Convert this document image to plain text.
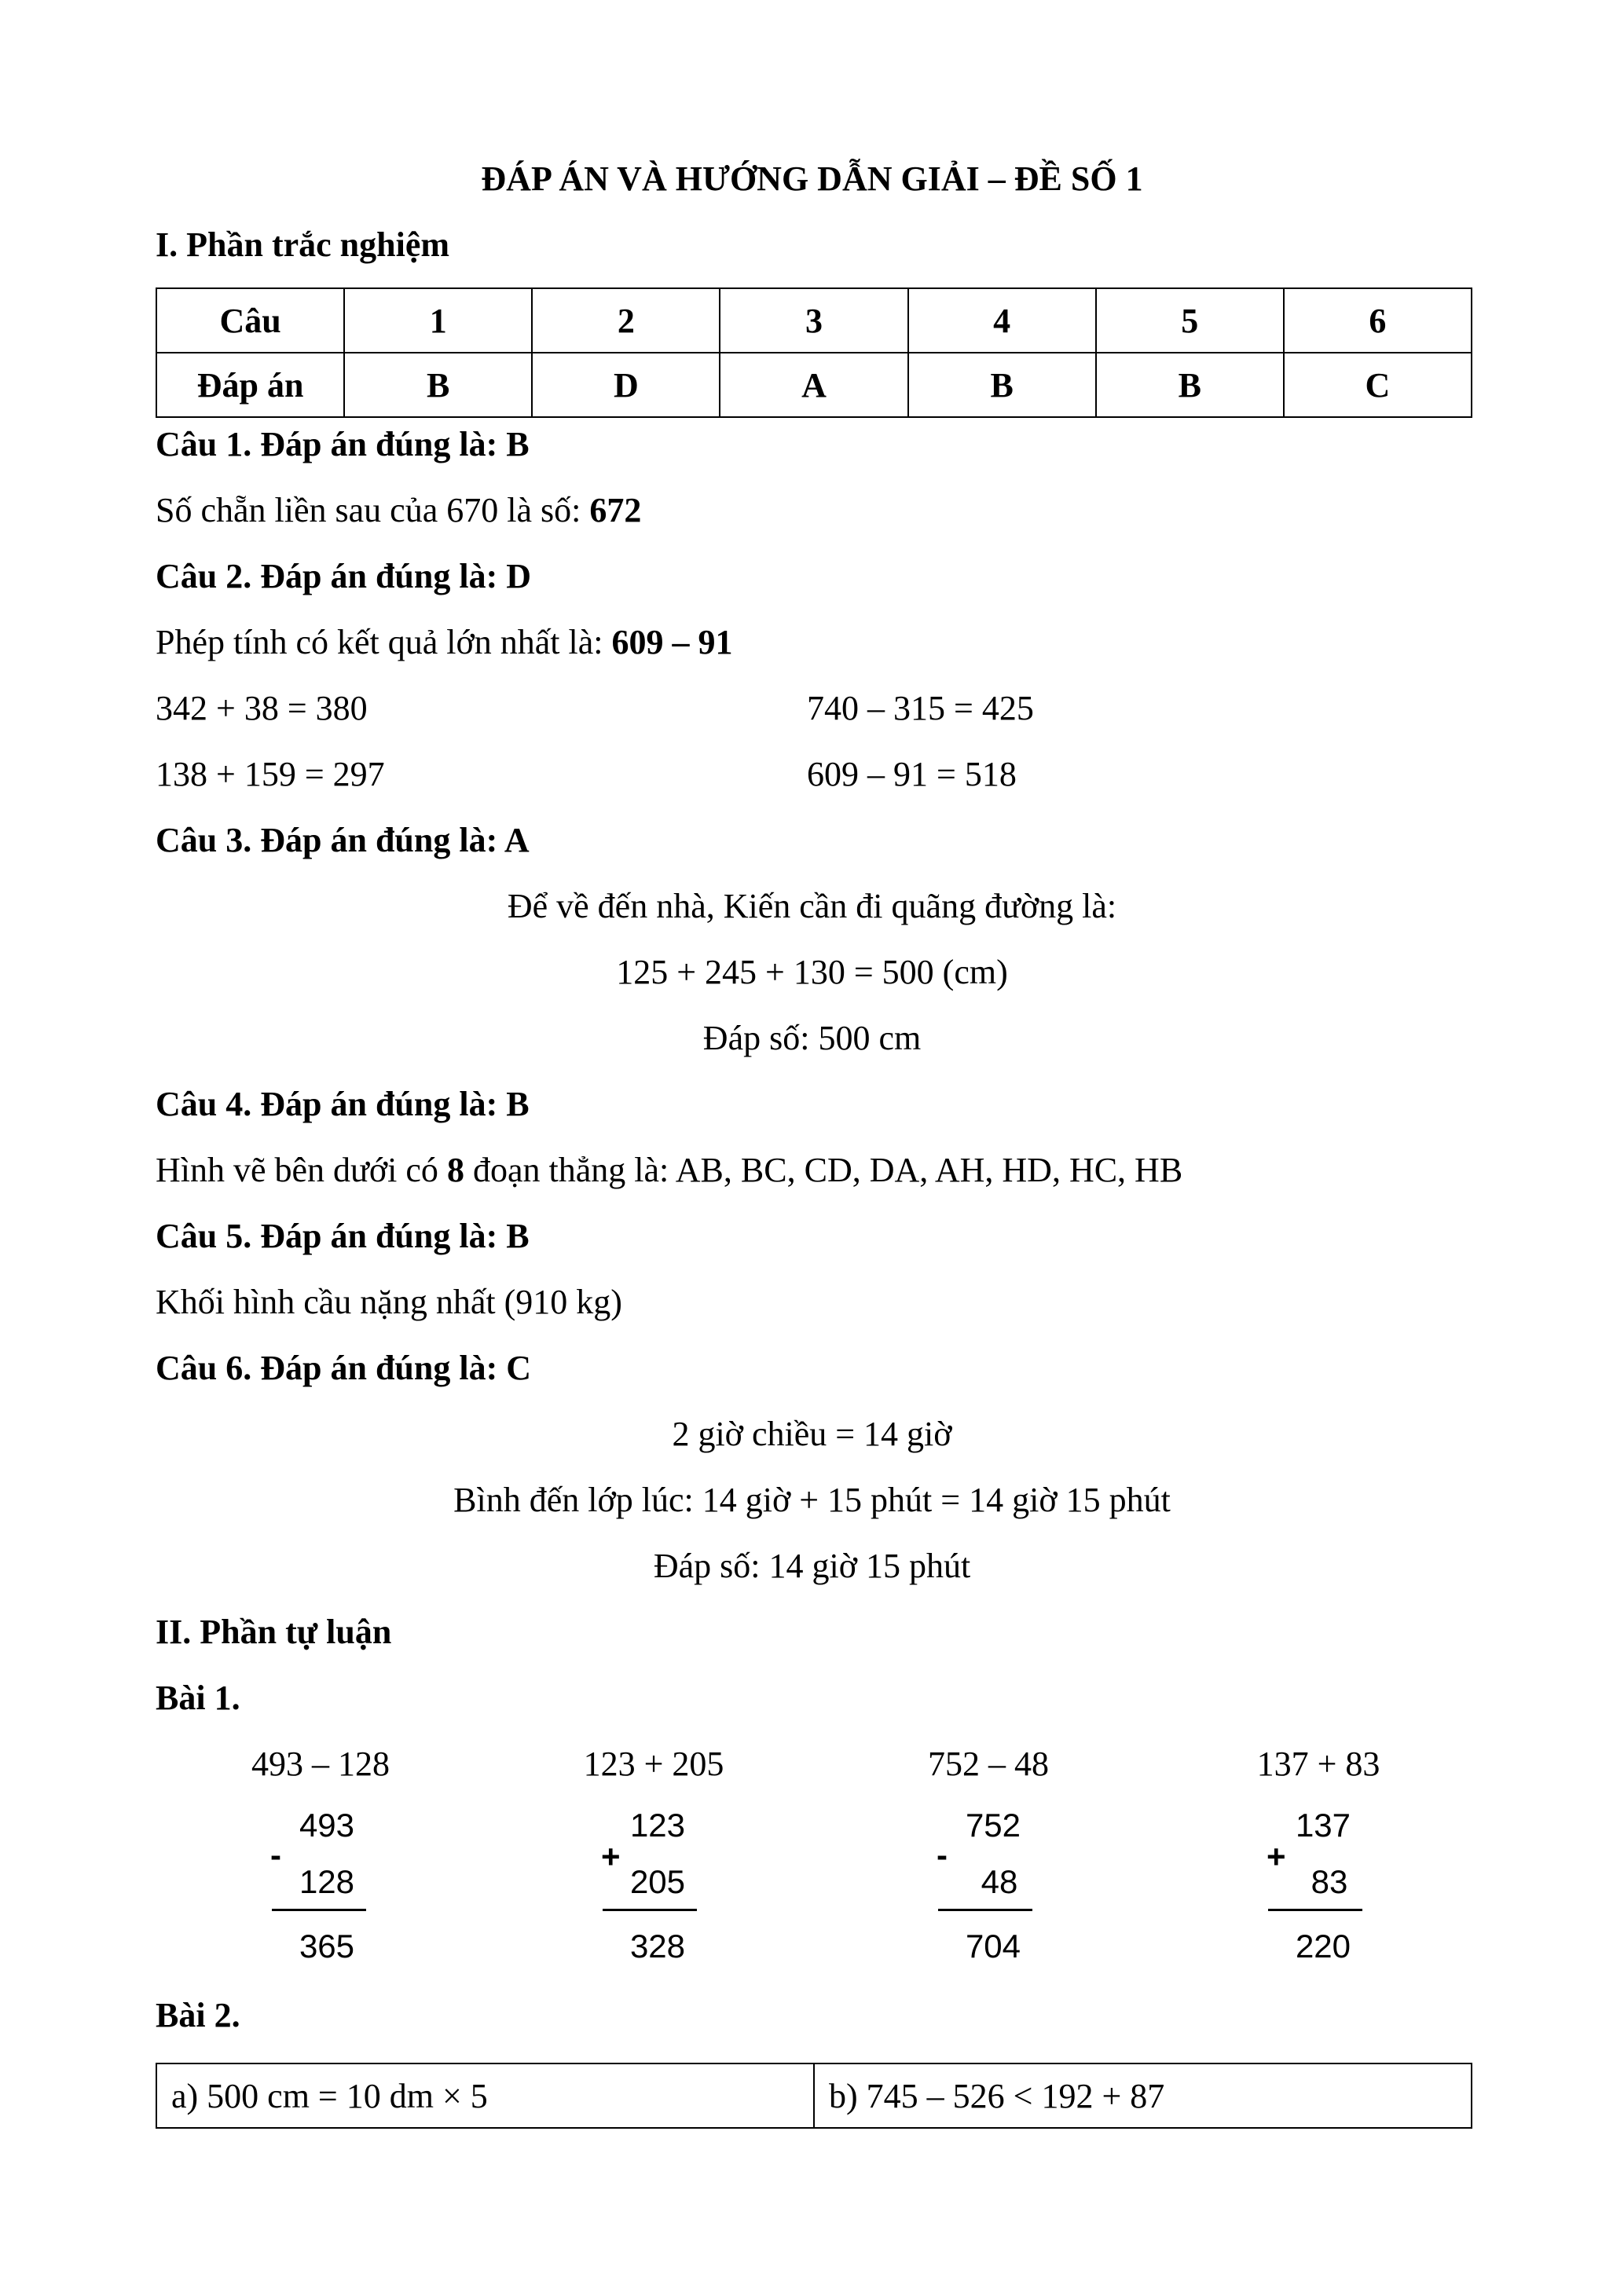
ĐÁP ÁN VÀ HƯỚNG DẪN GIẢI – ĐỀ SỐ 1
I. Phần trắc nghiệm
Câu	1	2	3	4	5	6
Đáp án	B	D	A	B	B	C
Câu 1. Đáp án đúng là: B
Số chẵn liền sau của 670 là số: 672
Câu 2. Đáp án đúng là: D
Phép tính có kết quả lớn nhất là: 609 – 91
342 + 38 = 380	740 – 315 = 425
138 + 159 = 297	609 – 91 = 518
Câu 3. Đáp án đúng là: A
Để về đến nhà, Kiến cần đi quãng đường là:
125 + 245 + 130 = 500 (cm)
Đáp số: 500 cm
Câu 4. Đáp án đúng là: B
Hình vẽ bên dưới có 8 đoạn thẳng là: AB, BC, CD, DA, AH, HD, HC, HB
Câu 5. Đáp án đúng là: B
Khối hình cầu nặng nhất (910 kg)
Câu 6. Đáp án đúng là: C
2 giờ chiều = 14 giờ
Bình đến lớp lúc: 14 giờ + 15 phút = 14 giờ 15 phút
Đáp số: 14 giờ 15 phút
II. Phần tự luận
Bài 1.
493 – 128
493
-
128
365
123 + 205
123
+
205
328
752 – 48
752
-
48
704
137 + 83
137
+
83
220
Bài 2.
a) 500 cm = 10 dm × 5	b) 745 – 526 < 192 + 87
